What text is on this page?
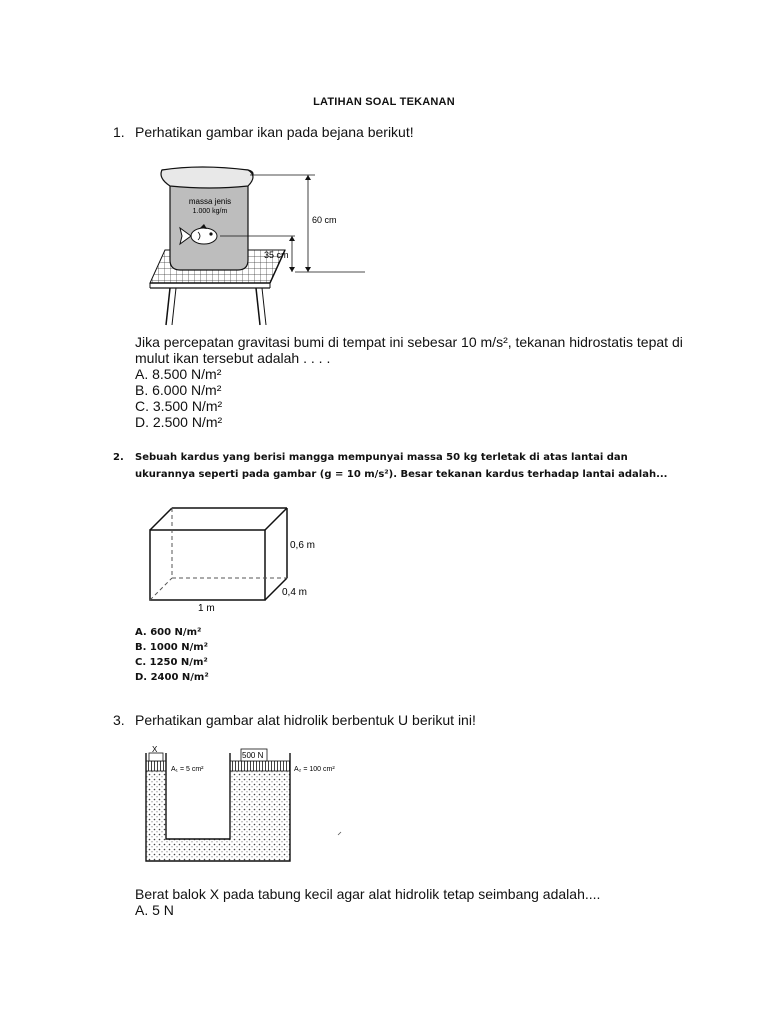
LATIHAN SOAL TEKANAN
1. Perhatikan gambar ikan pada bejana berikut!
massa jenis
1.000 kg/m
60 cm
35 cm
Jika percepatan gravitasi bumi di tempat ini sebesar 10 m/s², tekanan hidrostatis tepat di
mulut ikan tersebut adalah . . . .
A. 8.500 N/m²
B. 6.000 N/m²
C. 3.500 N/m²
D. 2.500 N/m²
2. Sebuah kardus yang berisi mangga mempunyai massa 50 kg terletak di atas lantai dan
ukurannya seperti pada gambar (g = 10 m/s²). Besar tekanan kardus terhadap lantai adalah...
0,6 m
0,4 m
1 m
A. 600 N/m²
B. 1000 N/m²
C. 1250 N/m²
D. 2400 N/m²
3. Perhatikan gambar alat hidrolik berbentuk U berikut ini!
X
500 N
A₁ = 5 cm²	A₂ = 100 cm²
Berat balok X pada tabung kecil agar alat hidrolik tetap seimbang adalah....
A. 5 N
